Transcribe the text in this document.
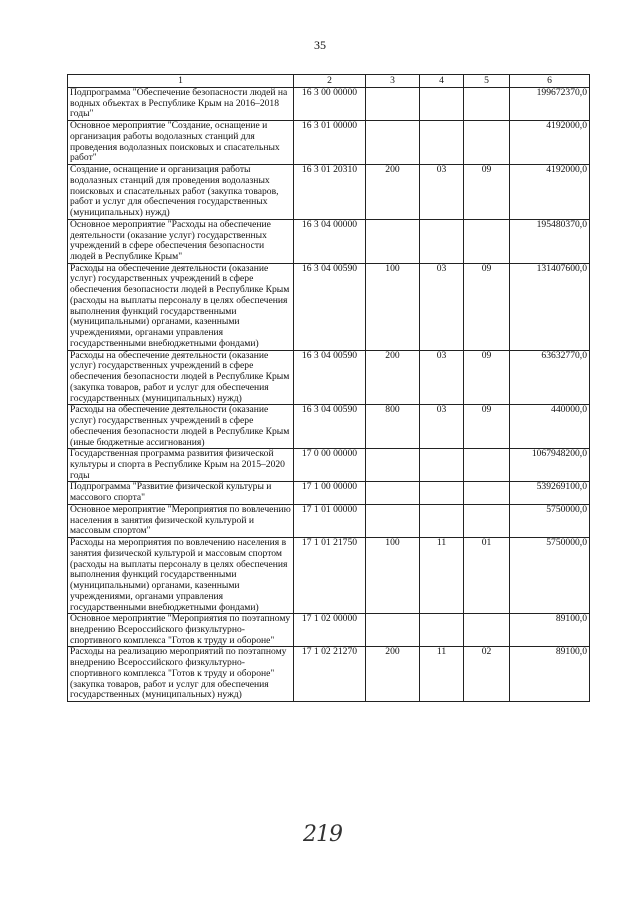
35
1	2	3	4	5	6
Подпрограмма "Обеспечение безопасности людей на водных объектах в Республике Крым на 2016–2018 годы"	16 3 00 00000				199672370,0
Основное мероприятие "Создание, оснащение и организация работы водолазных станций для проведения водолазных поисковых и спасательных работ"	16 3 01 00000				4192000,0
Создание, оснащение и организация работы водолазных станций для проведения водолазных поисковых и спасательных работ (закупка товаров, работ и услуг для обеспечения государственных (муниципальных) нужд)	16 3 01 20310	200	03	09	4192000,0
Основное мероприятие "Расходы на обеспечение деятельности (оказание услуг) государственных учреждений в сфере обеспечения безопасности людей в Республике Крым"	16 3 04 00000				195480370,0
Расходы на обеспечение деятельности (оказание услуг) государственных учреждений в сфере обеспечения безопасности людей в Республике Крым (расходы на выплаты персоналу в целях обеспечения выполнения функций государственными (муниципальными) органами, казенными учреждениями, органами управления государственными внебюджетными фондами)	16 3 04 00590	100	03	09	131407600,0
Расходы на обеспечение деятельности (оказание услуг) государственных учреждений в сфере обеспечения безопасности людей в Республике Крым (закупка товаров, работ и услуг для обеспечения государственных (муниципальных) нужд)	16 3 04 00590	200	03	09	63632770,0
Расходы на обеспечение деятельности (оказание услуг) государственных учреждений в сфере обеспечения безопасности людей в Республике Крым (иные бюджетные ассигнования)	16 3 04 00590	800	03	09	440000,0
Государственная программа развития физической культуры и спорта в Республике Крым на 2015–2020 годы	17 0 00 00000				1067948200,0
Подпрограмма "Развитие физической культуры и массового спорта"	17 1 00 00000				539269100,0
Основное мероприятие "Мероприятия по вовлечению населения в занятия физической культурой и массовым спортом"	17 1 01 00000				5750000,0
Расходы на мероприятия по вовлечению населения в занятия физической культурой и массовым спортом (расходы на выплаты персоналу в целях обеспечения выполнения функций государственными (муниципальными) органами, казенными учреждениями, органами управления государственными внебюджетными фондами)	17 1 01 21750	100	11	01	5750000,0
Основное мероприятие "Мероприятия по поэтапному внедрению Всероссийского физкультурно-спортивного комплекса "Готов к труду и обороне"	17 1 02 00000				89100,0
Расходы на реализацию мероприятий по поэтапному внедрению Всероссийского физкультурно-спортивного комплекса "Готов к труду и обороне" (закупка товаров, работ и услуг для обеспечения государственных (муниципальных) нужд)	17 1 02 21270	200	11	02	89100,0
219
